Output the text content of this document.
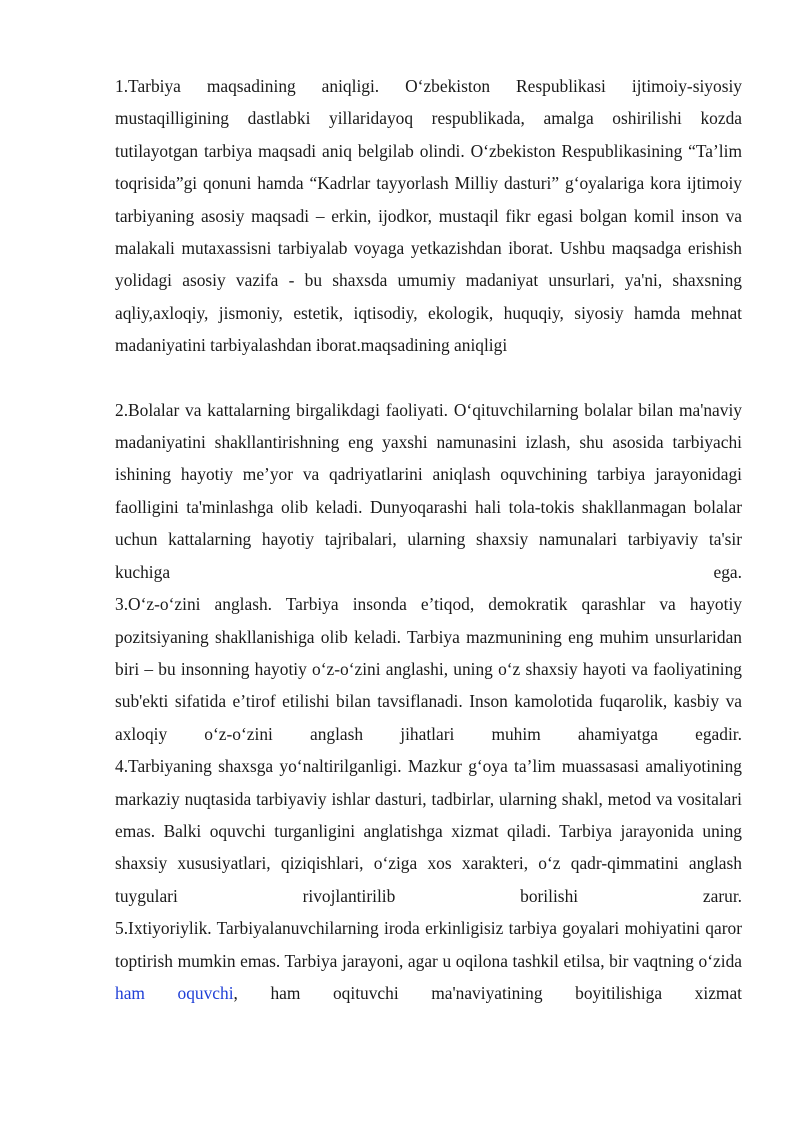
1.Tarbiya maqsadining aniqligi. O‘zbekiston Respublikasi ijtimoiy-siyosiy mustaqilligining dastlabki yillaridayoq respublikada, amalga oshirilishi kozda tutilayotgan tarbiya maqsadi aniq belgilab olindi. O‘zbekiston Respublikasining “Ta’lim toqrisida”gi qonuni hamda “Kadrlar tayyorlash Milliy dasturi” g‘oyalariga kora ijtimoiy tarbiyaning asosiy maqsadi – erkin, ijodkor, mustaqil fikr egasi bolgan komil inson va malakali mutaxassisni tarbiyalab voyaga yetkazishdan iborat. Ushbu maqsadga erishish yolidagi asosiy vazifa - bu shaxsda umumiy madaniyat unsurlari, ya'ni, shaxsning aqliy,axloqiy, jismoniy, estetik, iqtisodiy, ekologik, huquqiy, siyosiy hamda mehnat madaniyatini tarbiyalashdan iborat.maqsadining aniqligi

2.Bolalar va kattalarning birgalikdagi faoliyati. O‘qituvchilarning bolalar bilan ma'naviy madaniyatini shakllantirishning eng yaxshi namunasini izlash, shu asosida tarbiyachi ishining hayotiy me’yor va qadriyatlarini aniqlash oquvchining tarbiya jarayonidagi faolligini ta'minlashga olib keladi. Dunyoqarashi hali tola-tokis shakllanmagan bolalar uchun kattalarning hayotiy tajribalari, ularning shaxsiy namunalari tarbiyaviy ta'sir kuchiga ega.

3.O‘z-o‘zini anglash. Tarbiya insonda e’tiqod, demokratik qarashlar va hayotiy pozitsiyaning shakllanishiga olib keladi. Tarbiya mazmunining eng muhim unsurlaridan biri – bu insonning hayotiy o‘z-o‘zini anglashi, uning o‘z shaxsiy hayoti va faoliyatining sub'ekti sifatida e’tirof etilishi bilan tavsiflanadi. Inson kamolotida fuqarolik, kasbiy va axloqiy o‘z-o‘zini anglash jihatlari muhim ahamiyatga egadir.

4.Tarbiyaning shaxsga yo‘naltirilganligi. Mazkur g‘oya ta’lim muassasasi amaliyotining markaziy nuqtasida tarbiyaviy ishlar dasturi, tadbirlar, ularning shakl, metod va vositalari emas. Balki oquvchi turganligini anglatishga xizmat qiladi. Tarbiya jarayonida uning shaxsiy xususiyatlari, qiziqishlari, o‘ziga xos xarakteri, o‘z qadr-qimmatini anglash tuygulari rivojlantirilib borilishi zarur.

5.Ixtiyoriylik. Tarbiyalanuvchilarning iroda erkinligisiz tarbiya goyalari mohiyatini qaror toptirish mumkin emas. Tarbiya jarayoni, agar u oqilona tashkil etilsa, bir vaqtning o‘zida ham oquvchi, ham oqituvchi ma'naviyatining boyitilishiga xizmat
